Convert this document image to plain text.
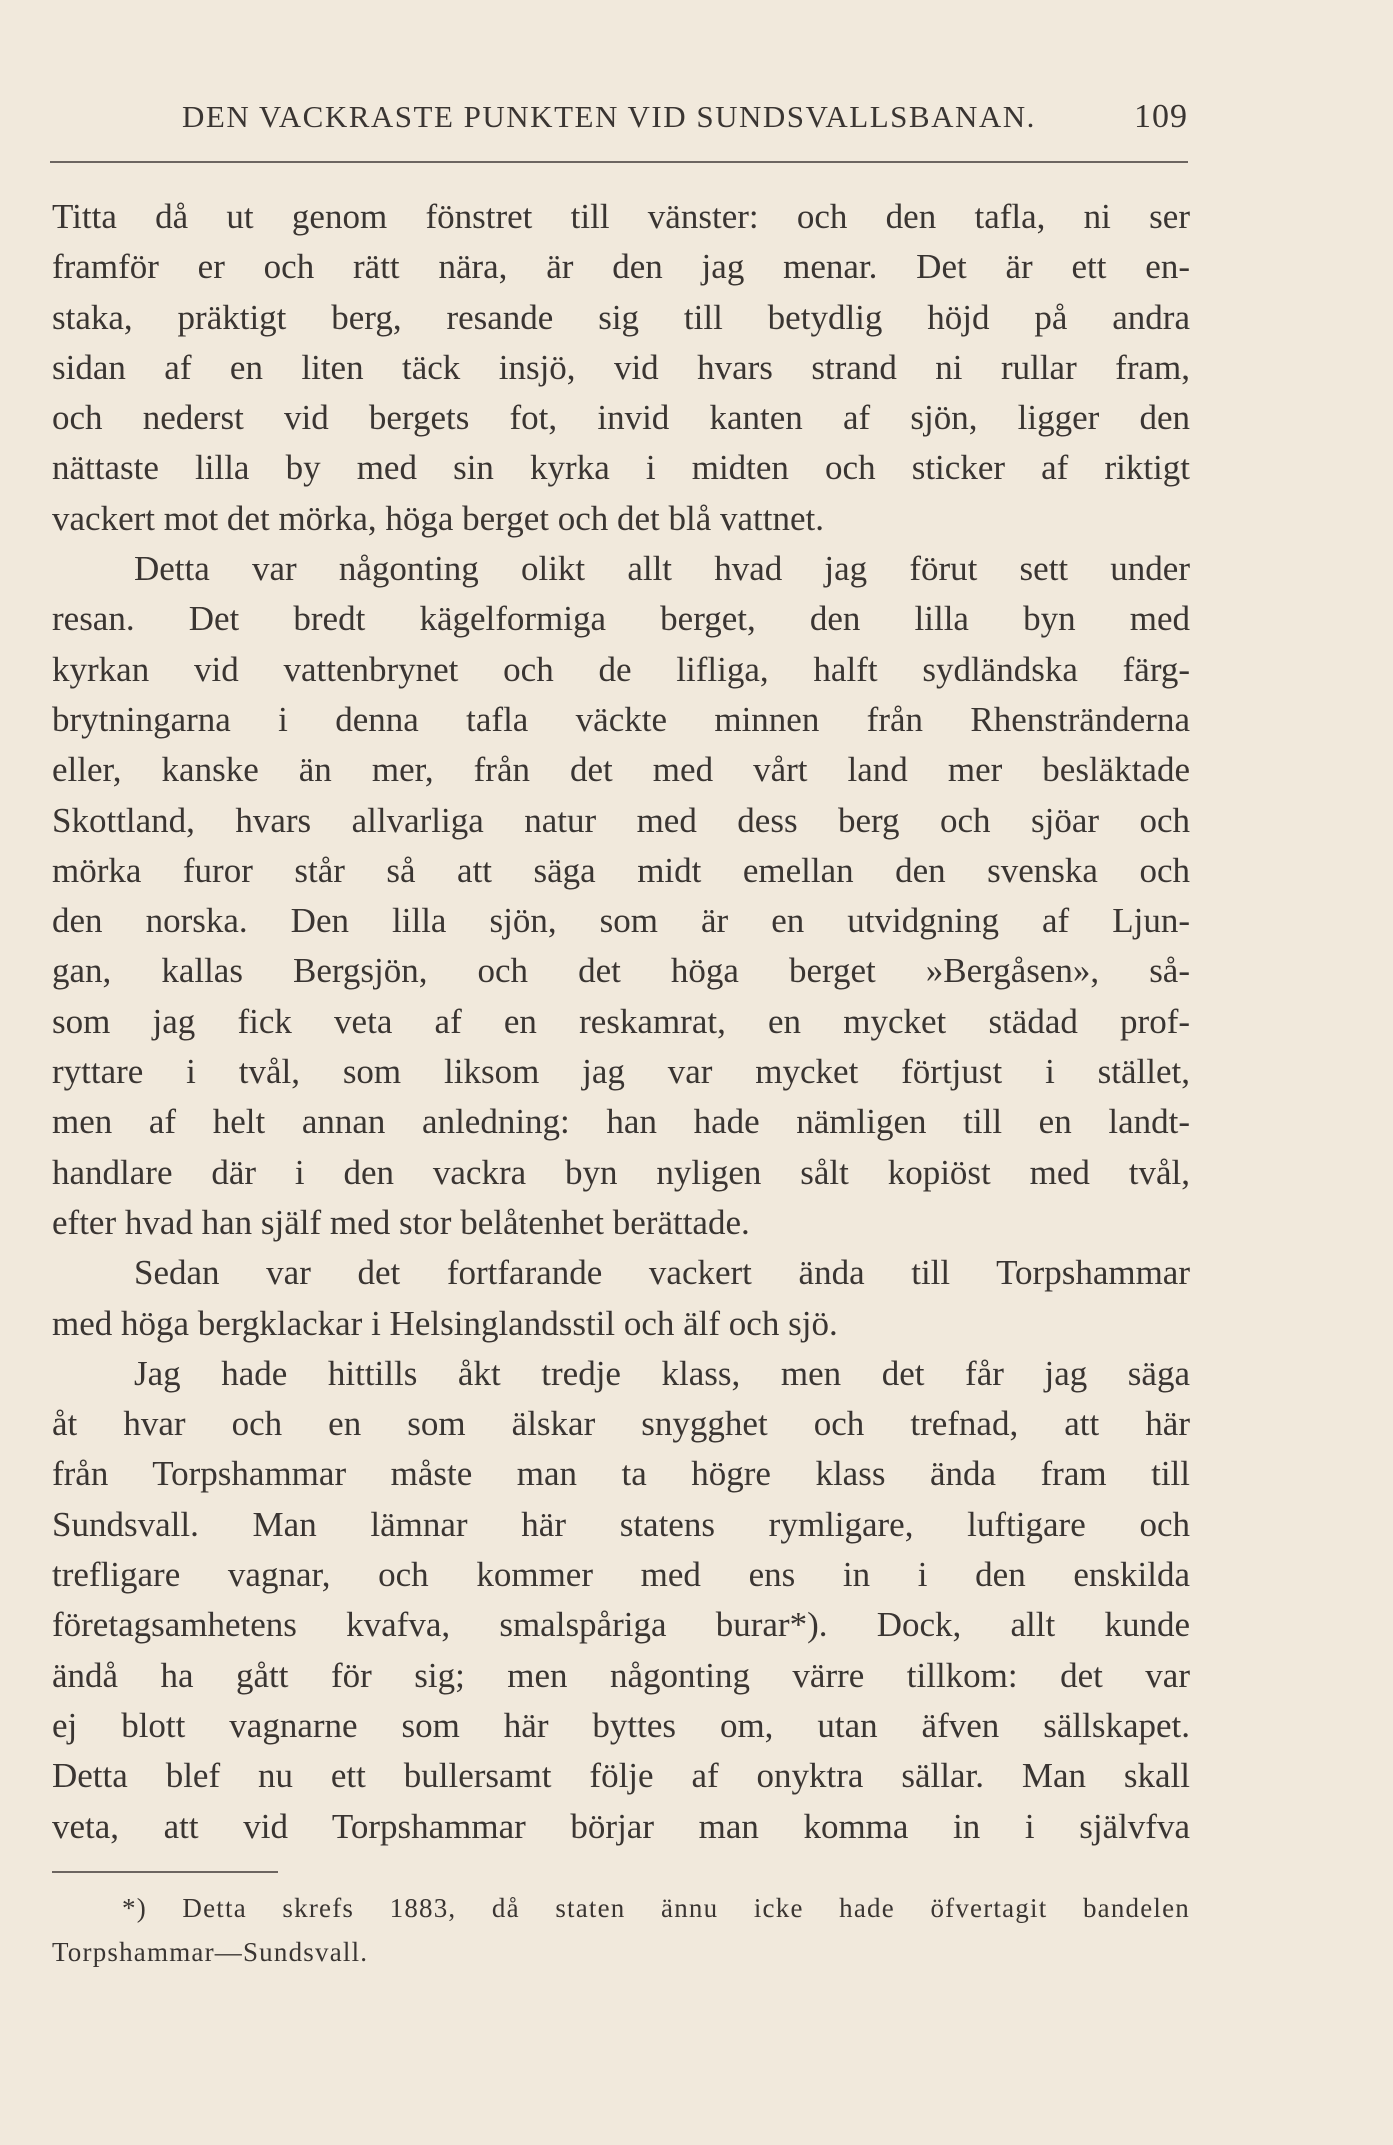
DEN VACKRASTE PUNKTEN VID SUNDSVALLSBANAN.	109
Titta då ut genom fönstret till vänster: och den tafla, ni ser
framför er och rätt nära, är den jag menar. Det är ett en-
staka, präktigt berg, resande sig till betydlig höjd på andra
sidan af en liten täck insjö, vid hvars strand ni rullar fram,
och nederst vid bergets fot, invid kanten af sjön, ligger den
nättaste lilla by med sin kyrka i midten och sticker af riktigt
vackert mot det mörka, höga berget och det blå vattnet.
Detta var någonting olikt allt hvad jag förut sett under
resan. Det bredt kägelformiga berget, den lilla byn med
kyrkan vid vattenbrynet och de lifliga, halft sydländska färg-
brytningarna i denna tafla väckte minnen från Rhenstränderna
eller, kanske än mer, från det med vårt land mer besläktade
Skottland, hvars allvarliga natur med dess berg och sjöar och
mörka furor står så att säga midt emellan den svenska och
den norska. Den lilla sjön, som är en utvidgning af Ljun-
gan, kallas Bergsjön, och det höga berget »Bergåsen», så-
som jag fick veta af en reskamrat, en mycket städad prof-
ryttare i tvål, som liksom jag var mycket förtjust i stället,
men af helt annan anledning: han hade nämligen till en landt-
handlare där i den vackra byn nyligen sålt kopiöst med tvål,
efter hvad han själf med stor belåtenhet berättade.
Sedan var det fortfarande vackert ända till Torpshammar
med höga bergklackar i Helsinglandsstil och älf och sjö.
Jag hade hittills åkt tredje klass, men det får jag säga
åt hvar och en som älskar snygghet och trefnad, att här
från Torpshammar måste man ta högre klass ända fram till
Sundsvall. Man lämnar här statens rymligare, luftigare och
trefligare vagnar, och kommer med ens in i den enskilda
företagsamhetens kvafva, smalspåriga burar*). Dock, allt kunde
ändå ha gått för sig; men någonting värre tillkom: det var
ej blott vagnarne som här byttes om, utan äfven sällskapet.
Detta blef nu ett bullersamt följe af onyktra sällar. Man skall
veta, att vid Torpshammar börjar man komma in i självfva
*) Detta skrefs 1883, då staten ännu icke hade öfvertagit bandelen
Torpshammar—Sundsvall.
